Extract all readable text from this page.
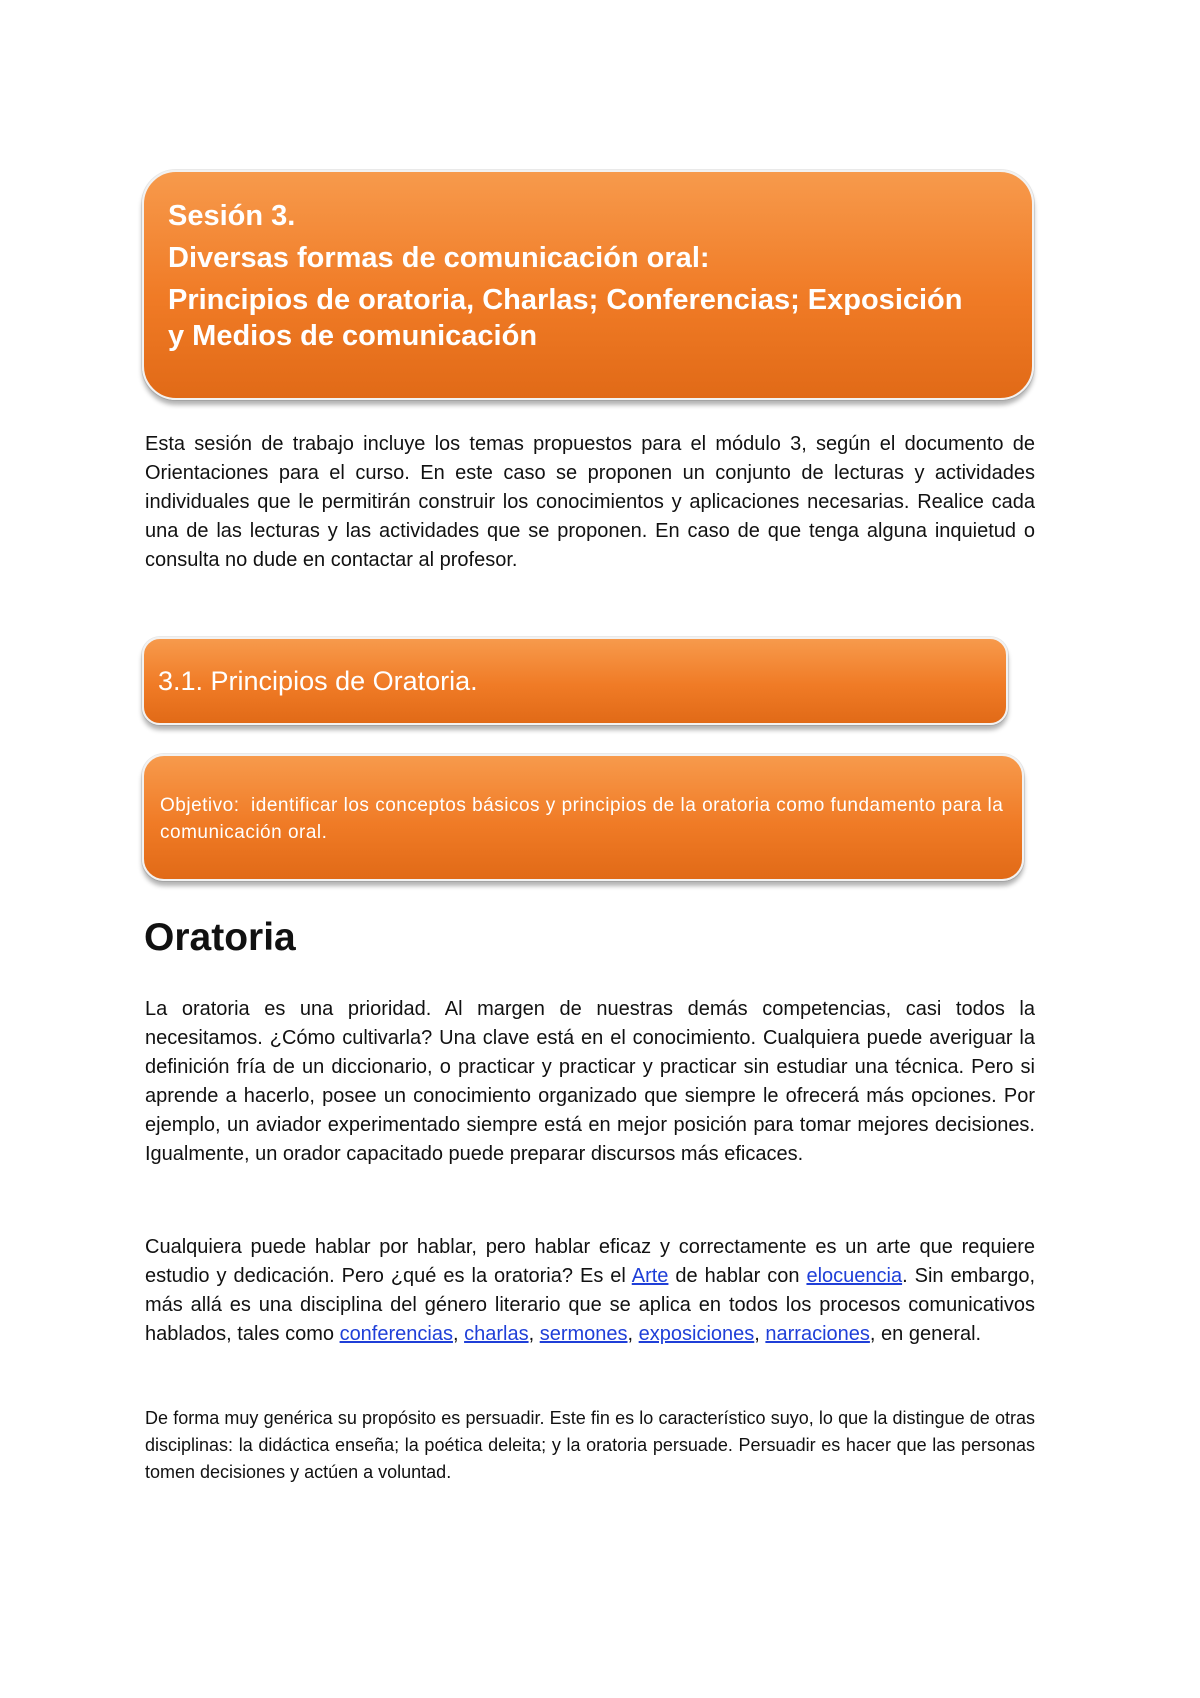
Sesión 3.
Diversas formas de comunicación oral:
Principios de oratoria, Charlas; Conferencias; Exposición
y Medios de comunicación

Esta sesión de trabajo incluye los temas propuestos para el módulo 3, según el documento de Orientaciones para el curso. En este caso se proponen un conjunto de lecturas y actividades individuales que le permitirán construir los conocimientos y aplicaciones necesarias. Realice cada una de las lecturas y las actividades que se proponen. En caso de que tenga alguna inquietud o consulta no dude en contactar al profesor.

3.1. Principios de Oratoria.
Objetivo: identificar los conceptos básicos y principios de la oratoria como fundamento para la comunicación oral.
Oratoria

La oratoria es una prioridad. Al margen de nuestras demás competencias, casi todos la necesitamos. ¿Cómo cultivarla? Una clave está en el conocimiento. Cualquiera puede averiguar la definición fría de un diccionario, o practicar y practicar y practicar sin estudiar una técnica. Pero si aprende a hacerlo, posee un conocimiento organizado que siempre le ofrecerá más opciones. Por ejemplo, un aviador experimentado siempre está en mejor posición para tomar mejores decisiones. Igualmente, un orador capacitado puede preparar discursos más eficaces.

Cualquiera puede hablar por hablar, pero hablar eficaz y correctamente es un arte que requiere estudio y dedicación. Pero ¿qué es la oratoria? Es el Arte de hablar con elocuencia. Sin embargo, más allá es una disciplina del género literario que se aplica en todos los procesos comunicativos hablados, tales como conferencias, charlas, sermones, exposiciones, narraciones, en general.

De forma muy genérica su propósito es persuadir. Este fin es lo característico suyo, lo que la distingue de otras disciplinas: la didáctica enseña; la poética deleita; y la oratoria persuade. Persuadir es hacer que las personas tomen decisiones y actúen a voluntad.
